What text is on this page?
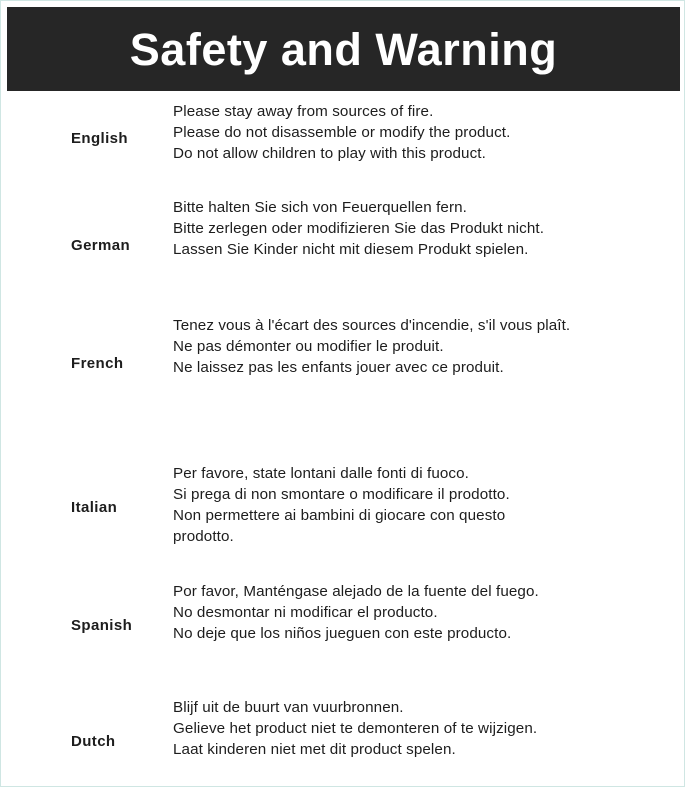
Safety and Warning
English
Please stay away from sources of fire.
Please do not disassemble or modify the product.
Do not allow children to play with this product.
German
Bitte halten Sie sich von Feuerquellen fern.
Bitte zerlegen oder modifizieren Sie das Produkt nicht.
Lassen Sie Kinder nicht mit diesem Produkt spielen.
French
Tenez vous à l'écart des sources d'incendie, s'il vous plaît.
Ne pas démonter ou modifier le produit.
Ne laissez pas les enfants jouer avec ce produit.
Italian
Per favore, state lontani dalle fonti di fuoco.
Si prega di non smontare o modificare il prodotto.
Non permettere ai bambini di giocare con questo prodotto.
Spanish
Por favor, Manténgase alejado de la fuente del fuego.
No desmontar ni modificar el producto.
No deje que los niños jueguen con este producto.
Dutch
Blijf uit de buurt van vuurbronnen.
Gelieve het product niet te demonteren of te wijzigen.
Laat kinderen niet met dit product spelen.
